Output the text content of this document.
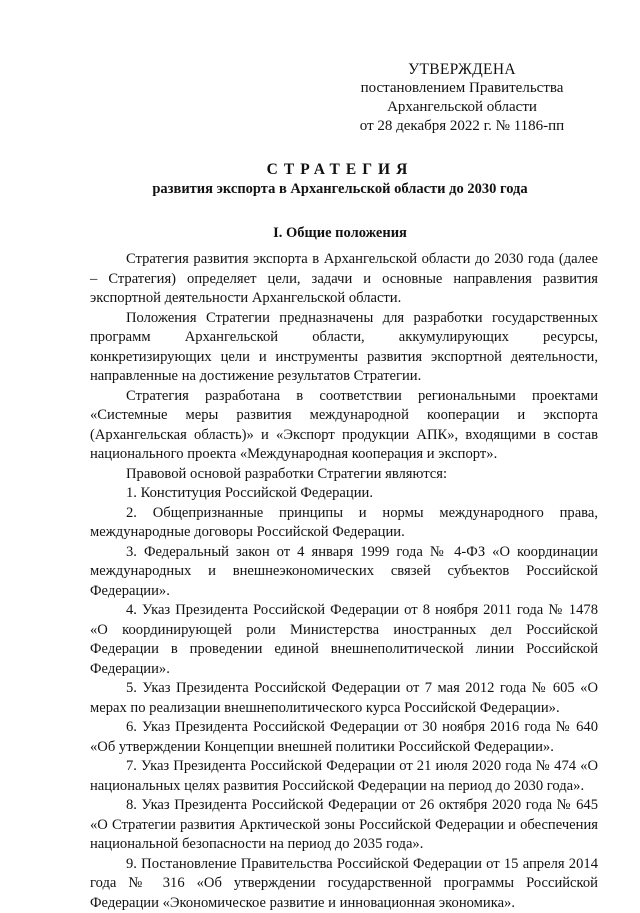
УТВЕРЖДЕНА
постановлением Правительства
Архангельской области
от 28 декабря 2022 г. № 1186-пп
СТРАТЕГИЯ
развития экспорта в Архангельской области до 2030 года
I. Общие положения

Стратегия развития экспорта в Архангельской области до 2030 года (далее – Стратегия) определяет цели, задачи и основные направления развития экспортной деятельности Архангельской области.

Положения Стратегии предназначены для разработки государственных программ Архангельской области, аккумулирующих ресурсы, конкретизирующих цели и инструменты развития экспортной деятельности, направленные на достижение результатов Стратегии.

Стратегия разработана в соответствии региональными проектами «Системные меры развития международной кооперации и экспорта (Архангельская область)» и «Экспорт продукции АПК», входящими в состав национального проекта «Международная кооперация и экспорт».

Правовой основой разработки Стратегии являются:

1. Конституция Российской Федерации.

2. Общепризнанные принципы и нормы международного права, международные договоры Российской Федерации.

3. Федеральный закон от 4 января 1999 года № 4-ФЗ «О координации международных и внешнеэкономических связей субъектов Российской Федерации».

4. Указ Президента Российской Федерации от 8 ноября 2011 года № 1478 «О координирующей роли Министерства иностранных дел Российской Федерации в проведении единой внешнеполитической линии Российской Федерации».

5. Указ Президента Российской Федерации от 7 мая 2012 года № 605 «О мерах по реализации внешнеполитического курса Российской Федерации».

6. Указ Президента Российской Федерации от 30 ноября 2016 года № 640 «Об утверждении Концепции внешней политики Российской Федерации».

7. Указ Президента Российской Федерации от 21 июля 2020 года № 474 «О национальных целях развития Российской Федерации на период до 2030 года».

8. Указ Президента Российской Федерации от 26 октября 2020 года № 645 «О Стратегии развития Арктической зоны Российской Федерации и обеспечения национальной безопасности на период до 2035 года».

9. Постановление Правительства Российской Федерации от 15 апреля 2014 года № 316 «Об утверждении государственной программы Российской Федерации «Экономическое развитие и инновационная экономика».
